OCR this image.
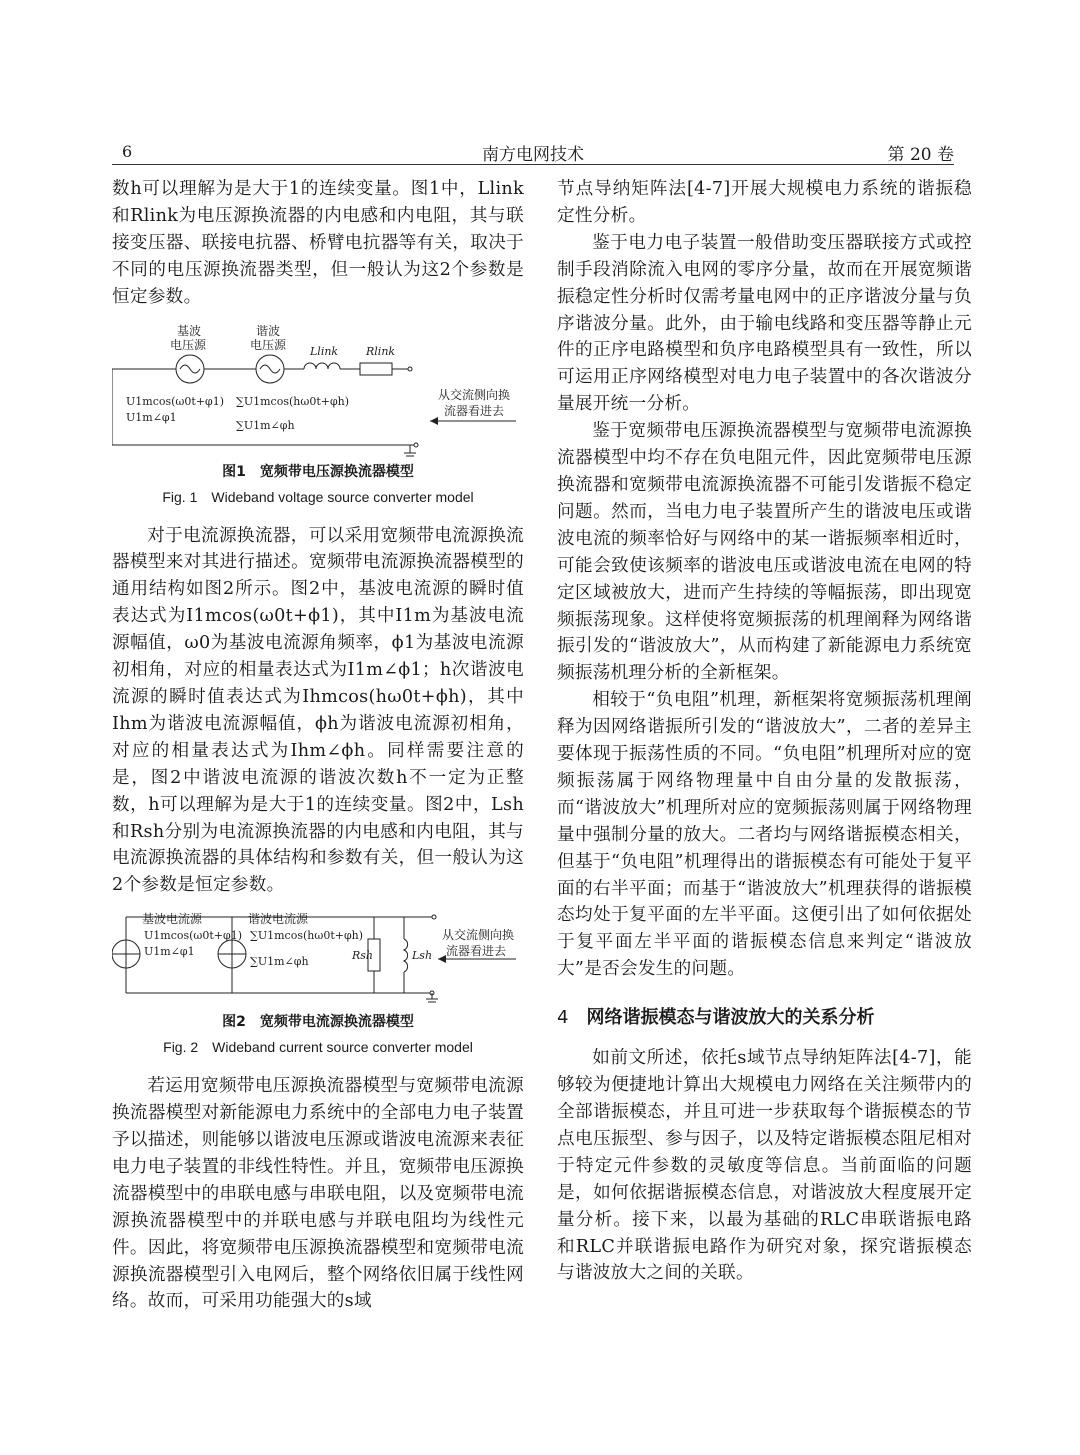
6	南方电网技术	第 20 卷

数h可以理解为是大于1的连续变量。图1中，Llink和Rlink为电压源换流器的内电感和内电阻，其与联接变压器、联接电抗器、桥臂电抗器等有关，取决于不同的电压源换流器类型，但一般认为这2个参数是恒定参数。

基波
电压源
谐波
电压源 Llink	Rlink
U1mcos(ω0t+φ1)
U1m∠φ1
∑U1mcos(hω0t+φh)
∑U1m∠φh
从交流侧向换
流器看进去
图1　宽频带电压源换流器模型
Fig. 1　Wideband voltage source converter model

对于电流源换流器，可以采用宽频带电流源换流器模型来对其进行描述。宽频带电流源换流器模型的通用结构如图2所示。图2中，基波电流源的瞬时值表达式为I1mcos(ω0t+ϕ1)，其中I1m为基波电流源幅值，ω0为基波电流源角频率，ϕ1为基波电流源初相角，对应的相量表达式为I1m∠ϕ1；h次谐波电流源的瞬时值表达式为Ihmcos(hω0t+ϕh)，其中Ihm为谐波电流源幅值，ϕh为谐波电流源初相角，对应的相量表达式为Ihm∠ϕh。同样需要注意的是，图2中谐波电流源的谐波次数h不一定为正整数，h可以理解为是大于1的连续变量。图2中，Lsh和Rsh分别为电流源换流器的内电感和内电阻，其与电流源换流器的具体结构和参数有关，但一般认为这2个参数是恒定参数。

基波电流源
U1mcos(ω0t+φ1)
U1m∠φ1
谐波电流源
∑U1mcos(hω0t+φh)
∑U1m∠φh	Rsh	Lsh
从交流侧向换
流器看进去
图2　宽频带电流源换流器模型
Fig. 2　Wideband current source converter model

若运用宽频带电压源换流器模型与宽频带电流源换流器模型对新能源电力系统中的全部电力电子装置予以描述，则能够以谐波电压源或谐波电流源来表征电力电子装置的非线性特性。并且，宽频带电压源换流器模型中的串联电感与串联电阻，以及宽频带电流源换流器模型中的并联电感与并联电阻均为线性元件。因此，将宽频带电压源换流器模型和宽频带电流源换流器模型引入电网后，整个网络依旧属于线性网络。故而，可采用功能强大的s域

节点导纳矩阵法[4-7]开展大规模电力系统的谐振稳定性分析。

鉴于电力电子装置一般借助变压器联接方式或控制手段消除流入电网的零序分量，故而在开展宽频谐振稳定性分析时仅需考量电网中的正序谐波分量与负序谐波分量。此外，由于输电线路和变压器等静止元件的正序电路模型和负序电路模型具有一致性，所以可运用正序网络模型对电力电子装置中的各次谐波分量展开统一分析。

鉴于宽频带电压源换流器模型与宽频带电流源换流器模型中均不存在负电阻元件，因此宽频带电压源换流器和宽频带电流源换流器不可能引发谐振不稳定问题。然而，当电力电子装置所产生的谐波电压或谐波电流的频率恰好与网络中的某一谐振频率相近时，可能会致使该频率的谐波电压或谐波电流在电网的特定区域被放大，进而产生持续的等幅振荡，即出现宽频振荡现象。这样使将宽频振荡的机理阐释为网络谐振引发的“谐波放大”，从而构建了新能源电力系统宽频振荡机理分析的全新框架。

相较于“负电阻”机理，新框架将宽频振荡机理阐释为因网络谐振所引发的“谐波放大”，二者的差异主要体现于振荡性质的不同。“负电阻”机理所对应的宽频振荡属于网络物理量中自由分量的发散振荡，而“谐波放大”机理所对应的宽频振荡则属于网络物理量中强制分量的放大。二者均与网络谐振模态相关，但基于“负电阻”机理得出的谐振模态有可能处于复平面的右半平面；而基于“谐波放大”机理获得的谐振模态均处于复平面的左半平面。这便引出了如何依据处于复平面左半平面的谐振模态信息来判定“谐波放大”是否会发生的问题。

4 网络谐振模态与谐波放大的关系分析

如前文所述，依托s域节点导纳矩阵法[4-7]，能够较为便捷地计算出大规模电力网络在关注频带内的全部谐振模态，并且可进一步获取每个谐振模态的节点电压振型、参与因子，以及特定谐振模态阻尼相对于特定元件参数的灵敏度等信息。当前面临的问题是，如何依据谐振模态信息，对谐波放大程度展开定量分析。接下来，以最为基础的RLC串联谐振电路和RLC并联谐振电路作为研究对象，探究谐振模态与谐波放大之间的关联。
